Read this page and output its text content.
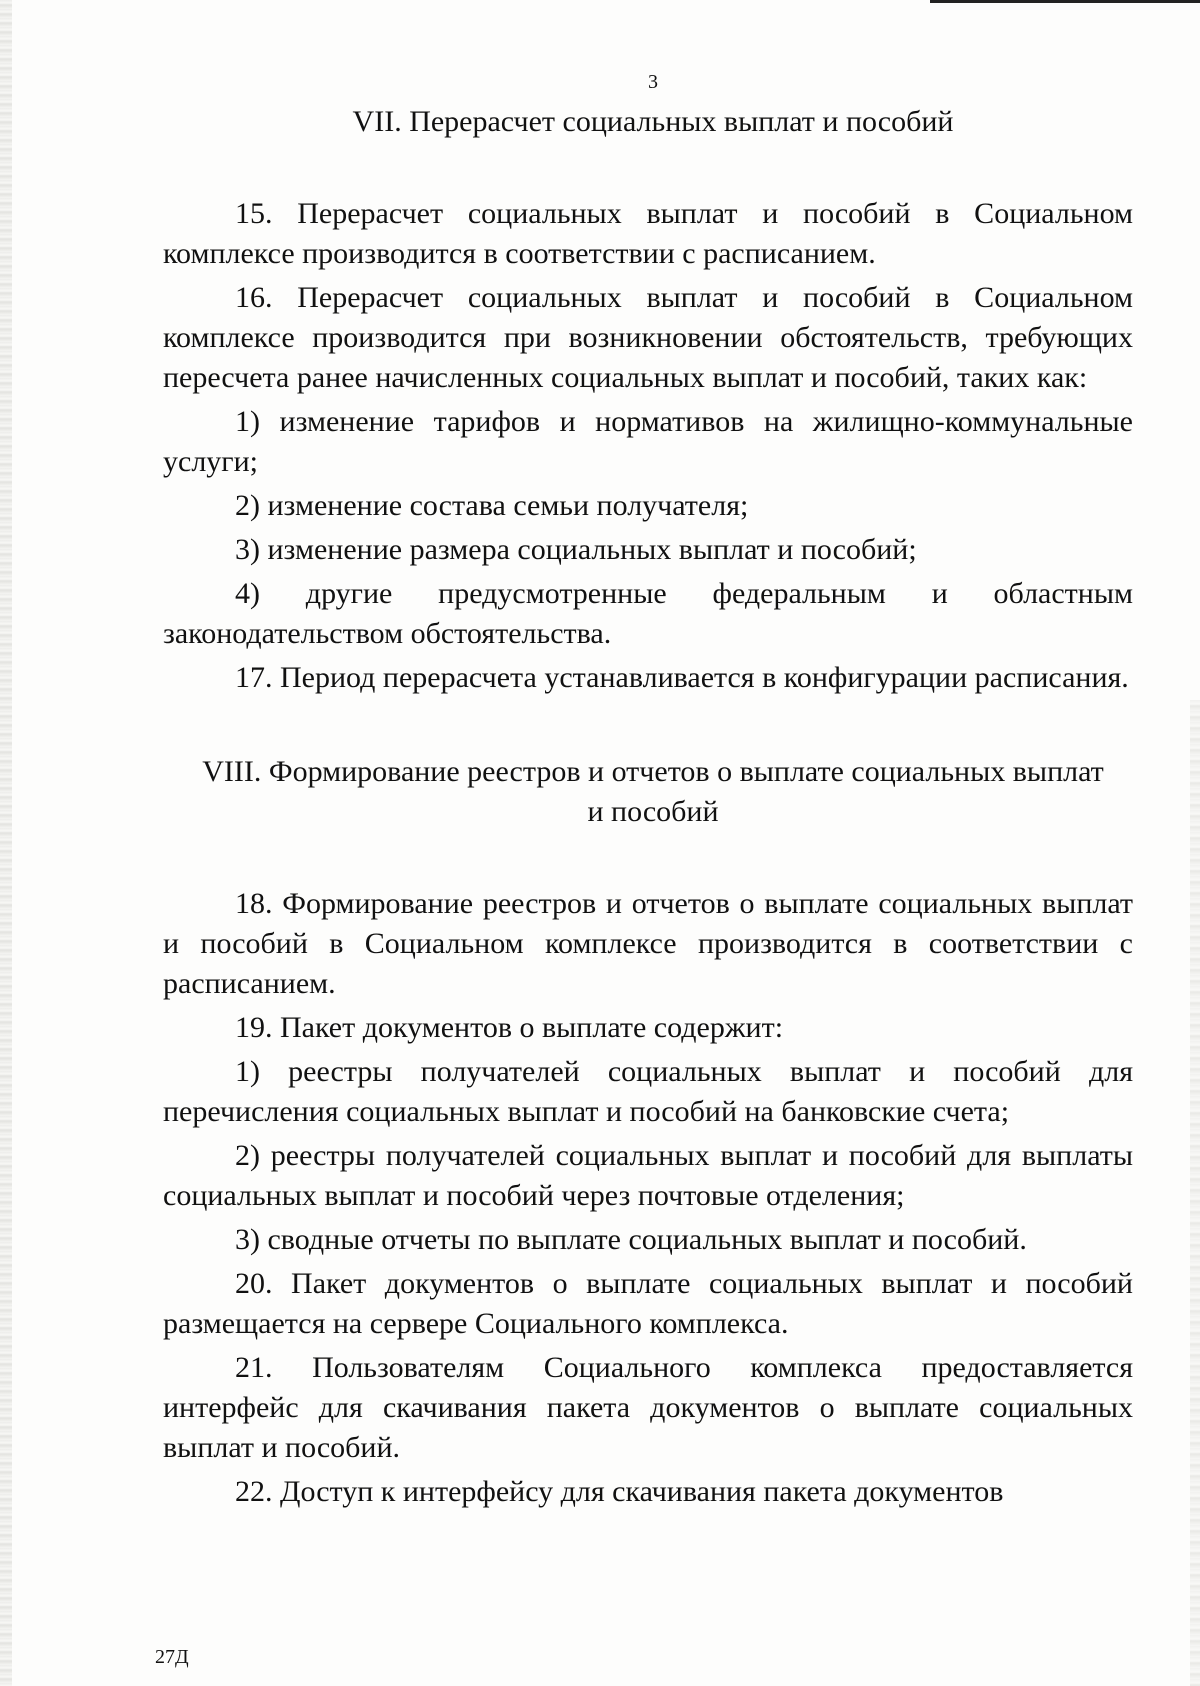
3
VII. Перерасчет социальных выплат и пособий

15. Перерасчет социальных выплат и пособий в Социальном комплексе производится в соответствии с расписанием.

16. Перерасчет социальных выплат и пособий в Социальном комплексе производится при возникновении обстоятельств, требующих пересчета ранее начисленных социальных выплат и пособий, таких как:

1) изменение тарифов и нормативов на жилищно-коммунальные услуги;

2) изменение состава семьи получателя;

3) изменение размера социальных выплат и пособий;

4) другие предусмотренные федеральным и областным законодательством обстоятельства.

17. Период перерасчета устанавливается в конфигурации расписания.

VIII. Формирование реестров и отчетов о выплате социальных выплат
и пособий

18. Формирование реестров и отчетов о выплате социальных выплат и пособий в Социальном комплексе производится в соответствии с расписанием.

19. Пакет документов о выплате содержит:

1) реестры получателей социальных выплат и пособий для перечисления социальных выплат и пособий на банковские счета;

2) реестры получателей социальных выплат и пособий для выплаты социальных выплат и пособий через почтовые отделения;

3) сводные отчеты по выплате социальных выплат и пособий.

20. Пакет документов о выплате социальных выплат и пособий размещается на сервере Социального комплекса.

21. Пользователям Социального комплекса предоставляется интерфейс для скачивания пакета документов о выплате социальных выплат и пособий.

22. Доступ к интерфейсу для скачивания пакета документов

27Д
